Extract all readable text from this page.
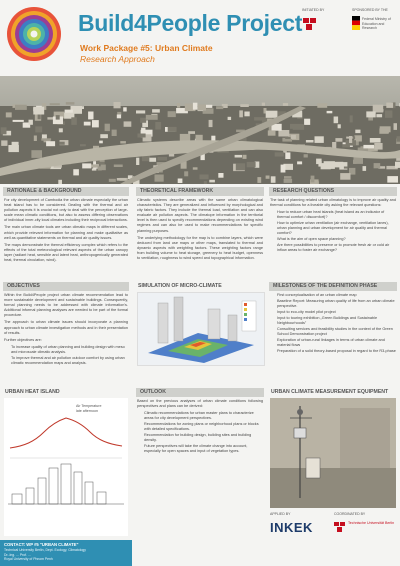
Build4People Project
Work Package #5: Urban Climate
Research Approach
INITIATED BY	SPONSORED BY THE
Federal Ministry of Education and Research
RATIONALE & BACKGROUND

For city development of Cambodia the urban climate especially the urban heat island has to be considered. Dealing with the thermal and air pollution aspects it is crucial not only to deal with the perception of large-scale mean climatic conditions, but also to assess differing observations of individual inner-city local climates including their reciprocal interactions.

The main urban climate tools are urban climatic maps in different scales, which provide relevant information for planning and make qualitative as well as quantitative statements on thermal and air quality issues.

The maps demonstrate the thermal efficiency complex which refers to the effects of the total meteorological relevant aspects of the urban canopy layer (radiant heat, sensible and latent heat, anthropogenically generated heat, thermal circulation, wind).

THEORETICAL FRAMEWORK

Climatic systems describe areas with the same urban climatological characteristics. They are generalized and influenced by morphological and city fabric factors. They include the thermal load, ventilation and can also evaluate air pollution aspects. The climatope information in the territorial level is then used to specify recommendations depending on existing wind regimes and can also be used to make recommendations for specific planning purposes.

The underlying methodology for the map is to combine layers, which were deduced from land use maps or other maps, translated to thermal and dynamic aspects with weighting factors. These weighting factors range from building volume to heat storage, greenery to heat budget, openness to ventilation, roughness to wind speed and topographical information.

RESEARCH QUESTIONS
The task of planning related urban climatology is to improve air quality and thermal conditions for a liveable city asking the relevant questions:
• How to reduce urban heat islands (heat island as an indicator of thermal comfort / discomfort)?
• How to optimize urban ventilation (air exchange, ventilation lanes), urban planning and urban development for air quality and thermal comfort?
• What is the aim of open space planning?
• Are there possibilities to preserve or to promote fresh air or cold air inflow areas to foster air exchange?
OBJECTIVES

Within the Build4People project urban climate recommendation lead to more sustainable development and sustainable buildings. Consequently, formal planning needs to be addressed with climate information's. Additional informal planning analyses are needed to be part of the formal procedure.

The approach to urban climate issues should incorporate a planning approach to urban climate investigation methods and in their presentation of results.

Further objectives are:

• To increase quality of urban planning and building design with meso and microscale climatic analysis.
• To improve thermal and air pollution outdoor comfort by using urban climatic recommendation maps and analysis.
SIMULATION OF MICRO-CLIMATE	MILESTONES OF THE DEFINITION PHASE
• First conceptualisation of an urban climate map
• Baseline Report: Measuring urban quality of life from an urban climate perspective.
• Input to eco-city model pilot project
• Input to touring exhibition „Green Buildings and Sustainable Neighbourhoods"
• Consulting services and feasibility studies in the context of the Green School Demonstration project
• Exploration of urban-rural linkages in terms of urban climate and material flows
• Preparation of a solid theory-based proposal in regard to the R3-phase
URBAN HEAT ISLAND
Air Temperature
late afternoon
OUTLOOK
Based on the previous analyses of urban climate conditions following perspectives and plans can be derived:
• Climatic recommendations for urban master plans to characterize areas for city development perspectives.
• Recommendations for zoning plans or neighborhood plans or blocks with detailed specifications.
• Recommendation for building design, building sites and building density.
• Future perspectives will take the climate change into account, especially for open spaces and input of vegetation types.
URBAN CLIMATE MEASUREMENT EQUIPMENT
CONTACT: WP #5 "URBAN CLIMATE"
Technical University Berlin, Dept. Ecology, Climatology
Dr.-Ing. ... Prof. ...
Royal University of Phnom Penh
APPLIED BY
INKEK
COORDINATED BY
Technische Universität Berlin
